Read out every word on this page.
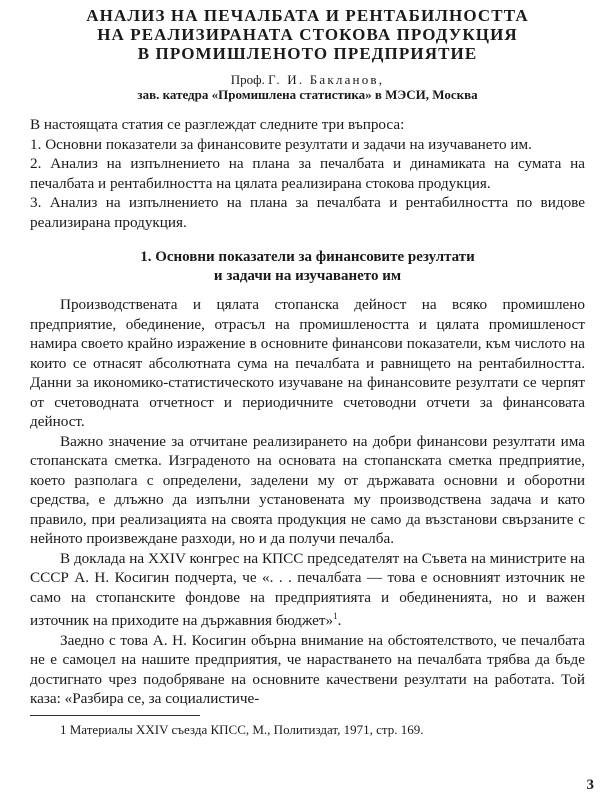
АНАЛИЗ НА ПЕЧАЛБАТА И РЕНТАБИЛНОСТТА
НА РЕАЛИЗИРАНАТА СТОКОВА ПРОДУКЦИЯ
В ПРОМИШЛЕНОТО ПРЕДПРИЯТИЕ
Проф. Г. И. Бакланов,
зав. катедра «Промишлена статистика» в МЭСИ, Москва

В настоящата статия се разглеждат следните три въпроса:

1. Основни показатели за финансовите резултати и задачи на изучаването им.

2. Анализ на изпълнението на плана за печалбата и динамиката на сумата на печалбата и рентабилността на цялата реализирана стокова продукция.

3. Анализ на изпълнението на плана за печалбата и рентабилността по видове реализирана продукция.

1. Основни показатели за финансовите резултати
и задачи на изучаването им

Производствената и цялата стопанска дейност на всяко промишлено предприятие, обединение, отрасъл на промишлеността и цялата промишленост намира своето крайно изражение в основните финансови показатели, към числото на които се отнасят абсолютната сума на печалбата и равнището на рентабилността. Данни за икономико-статистическото изучаване на финансовите резултати се черпят от счетоводната отчетност и периодичните счетоводни отчети за финансовата дейност.

Важно значение за отчитане реализирането на добри финансови резултати има стопанската сметка. Изграденото на основата на стопанската сметка предприятие, което разполага с определени, заделени му от държавата основни и оборотни средства, е длъжно да изпълни установената му производствена задача и като правило, при реализацията на своята продукция не само да възстанови свързаните с нейното произвеждане разходи, но и да получи печалба.

В доклада на XXIV конгрес на КПСС председателят на Съвета на министрите на СССР А. Н. Косигин подчерта, че «. . . печалбата — това е основният източник не само на стопанските фондове на предприятията и обединенията, но и важен източник на приходите на държавния бюджет»$^1$.

Заедно с това А. Н. Косигин обърна внимание на обстоятелството, че печалбата не е самоцел на нашите предприятия, че нарастването на печалбата трябва да бъде достигнато чрез подобряване на основните качествени резултати на работата. Той каза: «Разбира се, за социалистиче-

1 Материалы XXIV съезда КПСС, М., Политиздат, 1971, стр. 169.
3
